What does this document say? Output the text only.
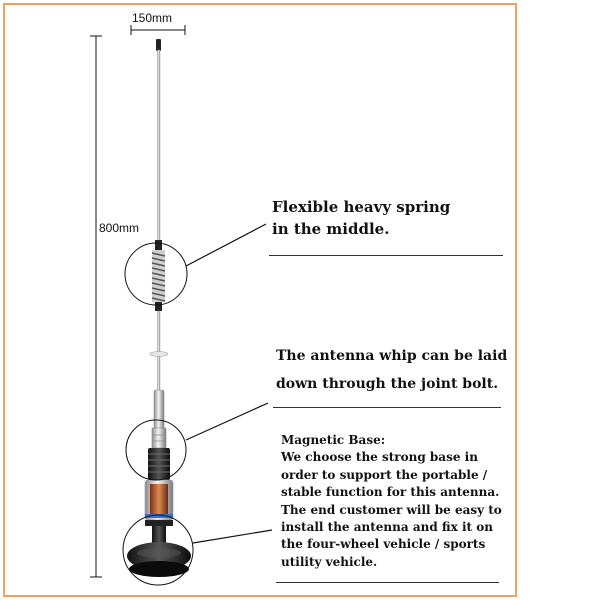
150mm
800mm
Flexible heavy spring
in the middle.
The antenna whip can be laid
down through the joint bolt.
Magnetic Base:
We choose the strong base in
order to support the portable /
stable function for this antenna.
The end customer will be easy to
install the antenna and fix it on
the four-wheel vehicle / sports
utility vehicle.
